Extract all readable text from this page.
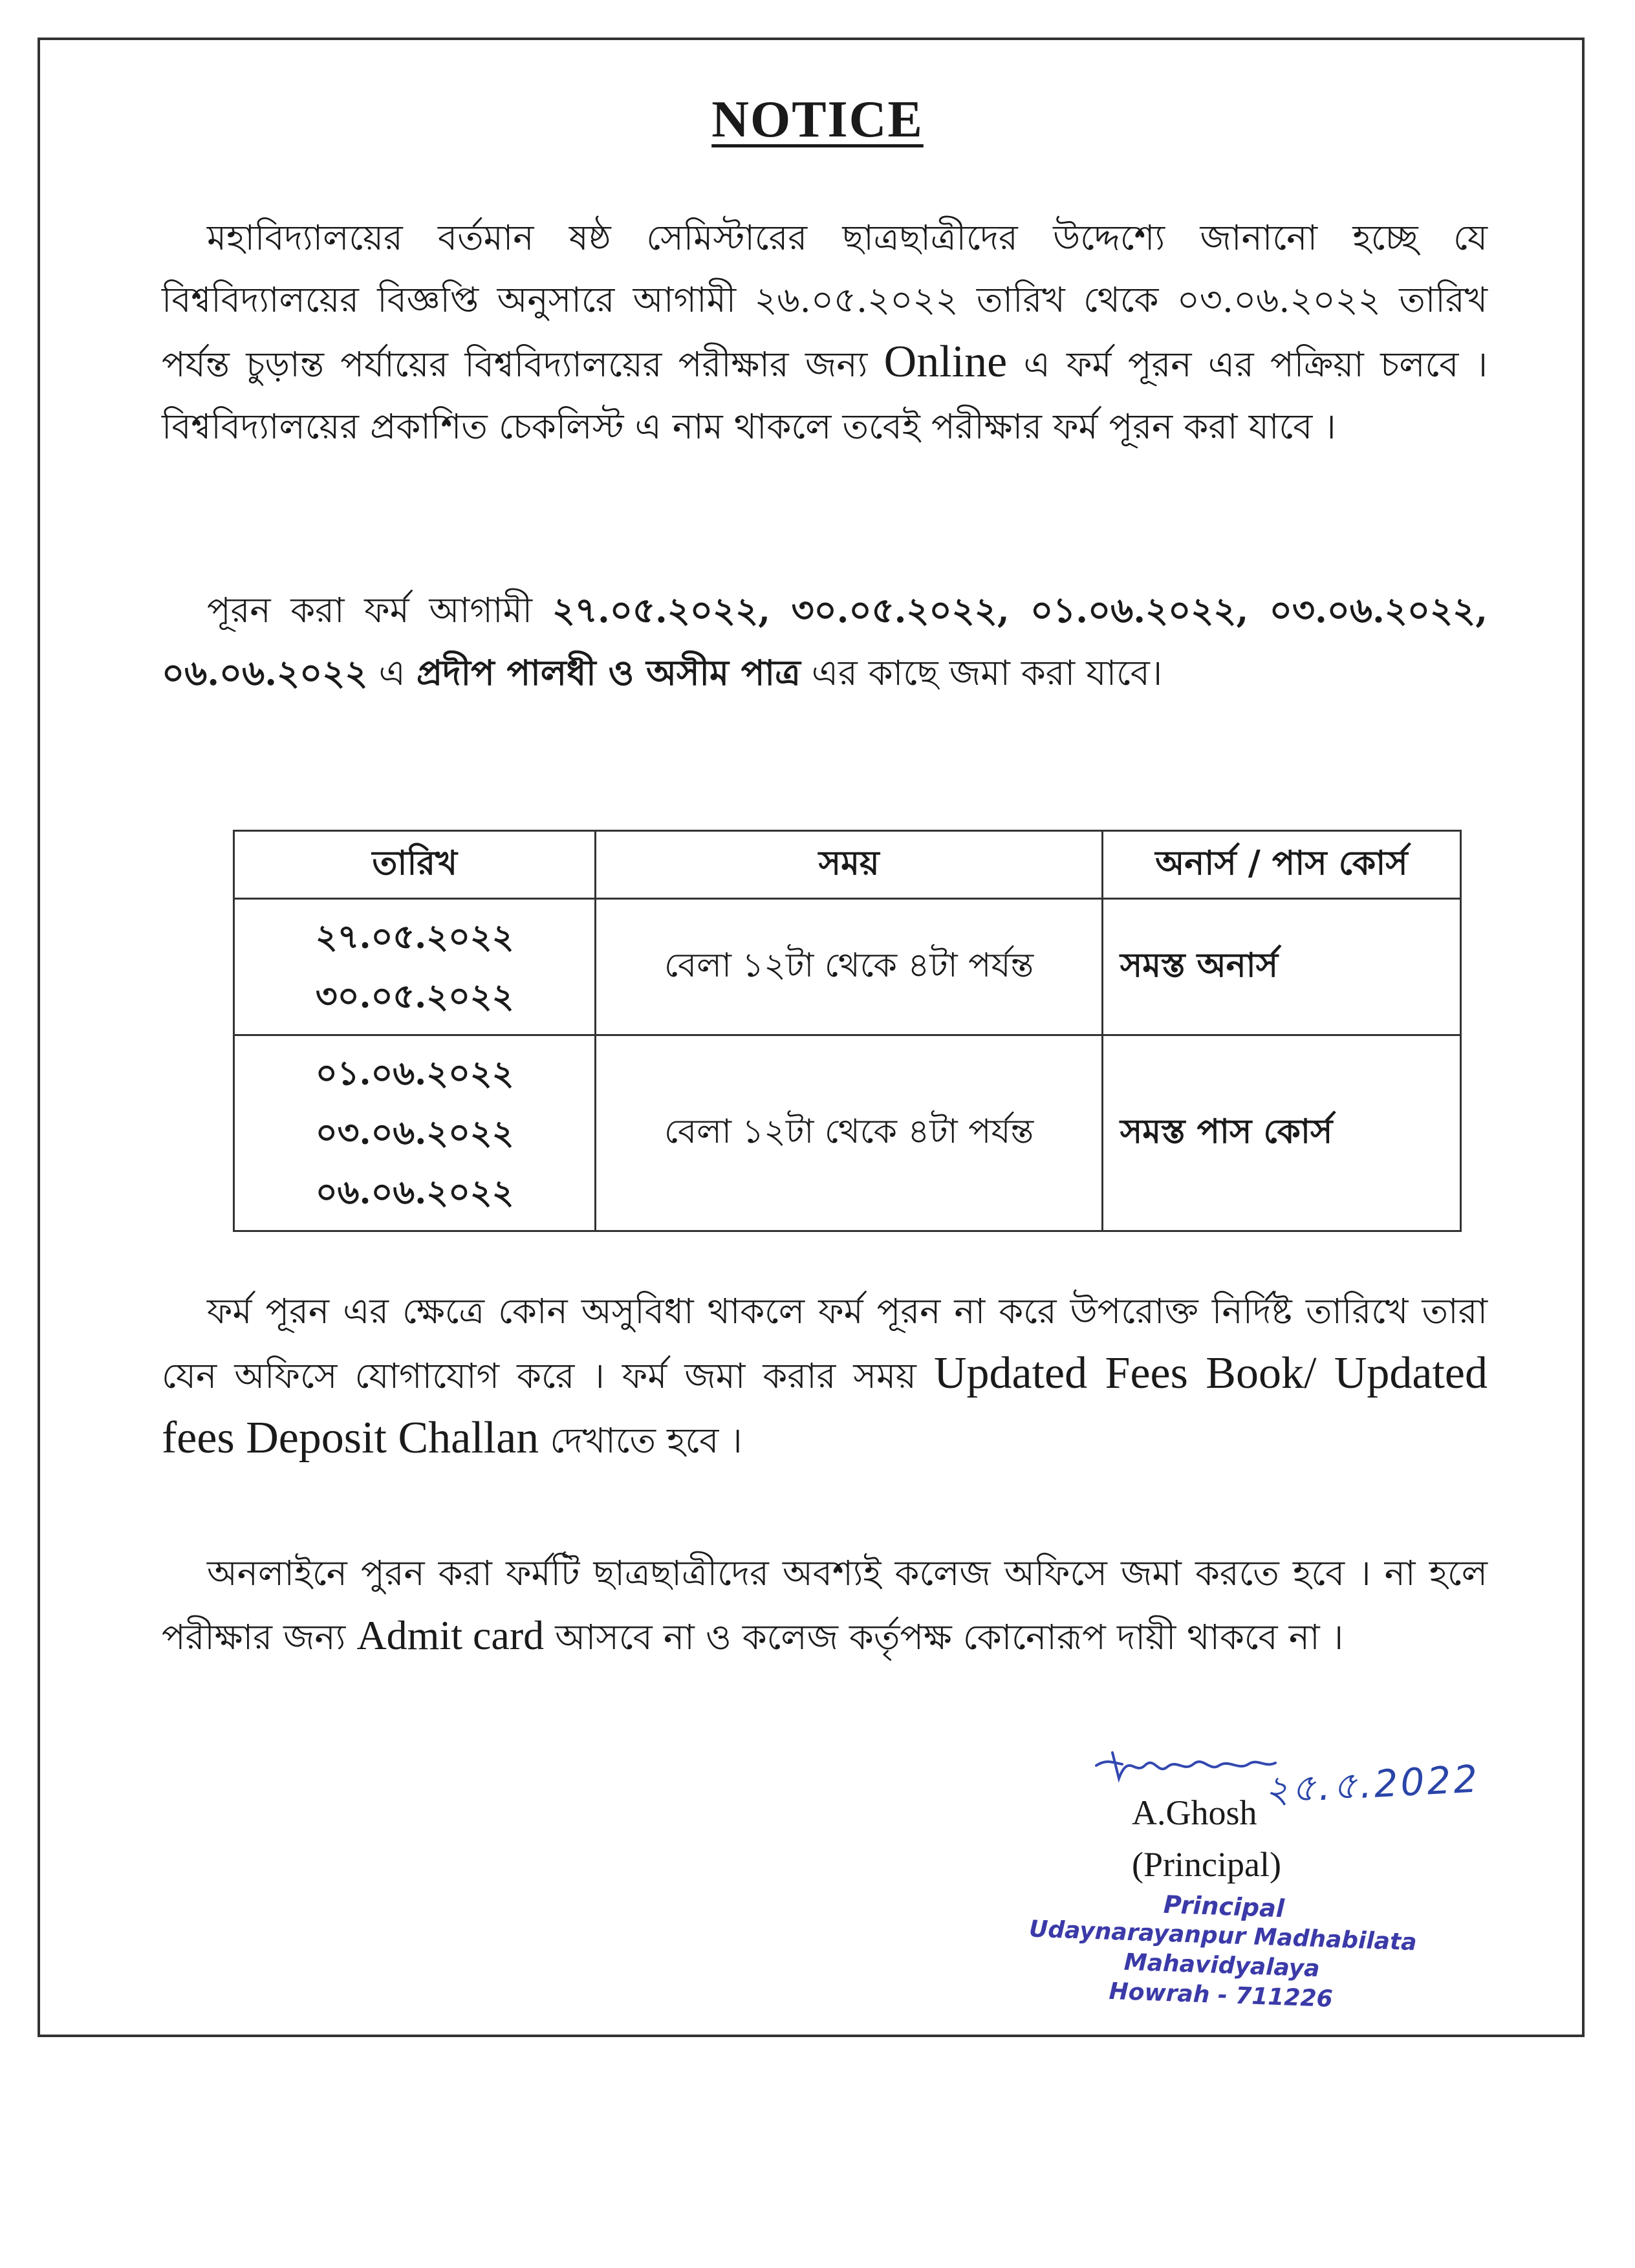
NOTICE
মহাবিদ্যালয়ের বর্তমান ষষ্ঠ সেমিস্টারের ছাত্রছাত্রীদের উদ্দেশ্যে জানানো হচ্ছে যে বিশ্ববিদ্যালয়ের বিজ্ঞপ্তি অনুসারে আগামী ২৬.০৫.২০২২ তারিখ থেকে ০৩.০৬.২০২২ তারিখ পর্যন্ত চুড়ান্ত পর্যায়ের বিশ্ববিদ্যালয়ের পরীক্ষার জন্য Online এ ফর্ম পূরন এর পক্রিয়া চলবে । বিশ্ববিদ্যালয়ের প্রকাশিত চেকলিস্ট এ নাম থাকলে তবেই পরীক্ষার ফর্ম পূরন করা যাবে ।
পূরন করা ফর্ম আগামী ২৭.০৫.২০২২, ৩০.০৫.২০২২, ০১.০৬.২০২২, ০৩.০৬.২০২২, ০৬.০৬.২০২২ এ প্রদীপ পালধী ও অসীম পাত্র এর কাছে জমা করা যাবে।
তারিখ	সময়	অনার্স / পাস কোর্স

২৭.০৫.২০২২
৩০.০৫.২০২২	বেলা ১২টা থেকে ৪টা পর্যন্ত	সমস্ত অনার্স

০১.০৬.২০২২
০৩.০৬.২০২২
০৬.০৬.২০২২	বেলা ১২টা থেকে ৪টা পর্যন্ত	সমস্ত পাস কোর্স
ফর্ম পূরন এর ক্ষেত্রে কোন অসুবিধা থাকলে ফর্ম পূরন না করে উপরোক্ত নির্দিষ্ট তারিখে তারা যেন অফিসে যোগাযোগ করে । ফর্ম জমা করার সময় Updated Fees Book/ Updated fees Deposit Challan দেখাতে হবে ।
অনলাইনে পুরন করা ফর্মটি ছাত্রছাত্রীদের অবশ্যই কলেজ অফিসে জমা করতে হবে । না হলে পরীক্ষার জন্য Admit card আসবে না ও কলেজ কর্তৃপক্ষ কোনোরূপ দায়ী থাকবে না ।
২৫.৫.2022
A.Ghosh
(Principal)
Principal
Udaynarayanpur Madhabilata Mahavidyalaya
Howrah - 711226
